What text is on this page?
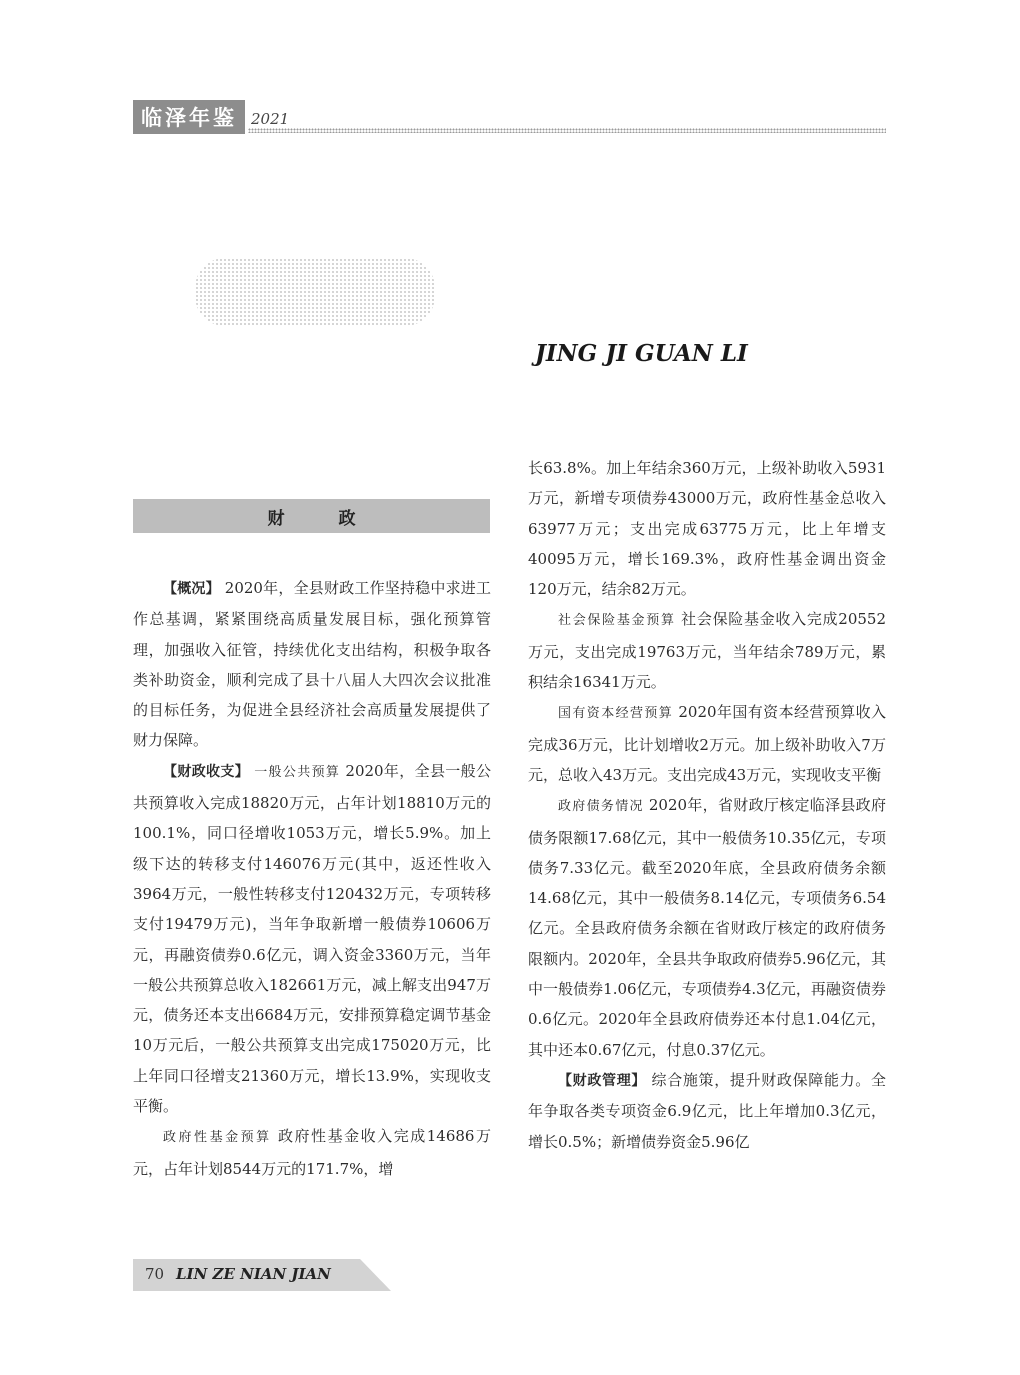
临泽年鉴 2021
JING JI GUAN LI
财 政

【概况】 2020年，全县财政工作坚持稳中求进工作总基调，紧紧围绕高质量发展目标，强化预算管理，加强收入征管，持续优化支出结构，积极争取各类补助资金，顺利完成了县十八届人大四次会议批准的目标任务，为促进全县经济社会高质量发展提供了财力保障。

【财政收支】 一般公共预算 2020年，全县一般公共预算收入完成18820万元，占年计划18810万元的100.1%，同口径增收1053万元，增长5.9%。加上级下达的转移支付146076万元(其中，返还性收入3964万元，一般性转移支付120432万元，专项转移支付19479万元)，当年争取新增一般债券10606万元，再融资债券0.6亿元，调入资金3360万元，当年一般公共预算总收入182661万元，减上解支出947万元，债务还本支出6684万元，安排预算稳定调节基金10万元后，一般公共预算支出完成175020万元，比上年同口径增支21360万元，增长13.9%，实现收支平衡。

政府性基金预算 政府性基金收入完成14686万元，占年计划8544万元的171.7%，增

长63.8%。加上年结余360万元，上级补助收入5931万元，新增专项债券43000万元，政府性基金总收入63977万元；支出完成63775万元，比上年增支40095万元，增长169.3%，政府性基金调出资金120万元，结余82万元。

社会保险基金预算 社会保险基金收入完成20552万元，支出完成19763万元，当年结余789万元，累积结余16341万元。

国有资本经营预算 2020年国有资本经营预算收入完成36万元，比计划增收2万元。加上级补助收入7万元，总收入43万元。支出完成43万元，实现收支平衡

政府债务情况 2020年，省财政厅核定临泽县政府债务限额17.68亿元，其中一般债务10.35亿元，专项债务7.33亿元。截至2020年底，全县政府债务余额14.68亿元，其中一般债务8.14亿元，专项债务6.54亿元。全县政府债务余额在省财政厅核定的政府债务限额内。2020年，全县共争取政府债券5.96亿元，其中一般债券1.06亿元，专项债券4.3亿元，再融资债券0.6亿元。2020年全县政府债券还本付息1.04亿元，其中还本0.67亿元，付息0.37亿元。

【财政管理】 综合施策，提升财政保障能力。全年争取各类专项资金6.9亿元，比上年增加0.3亿元，增长0.5%；新增债券资金5.96亿

70 LIN ZE NIAN JIAN
